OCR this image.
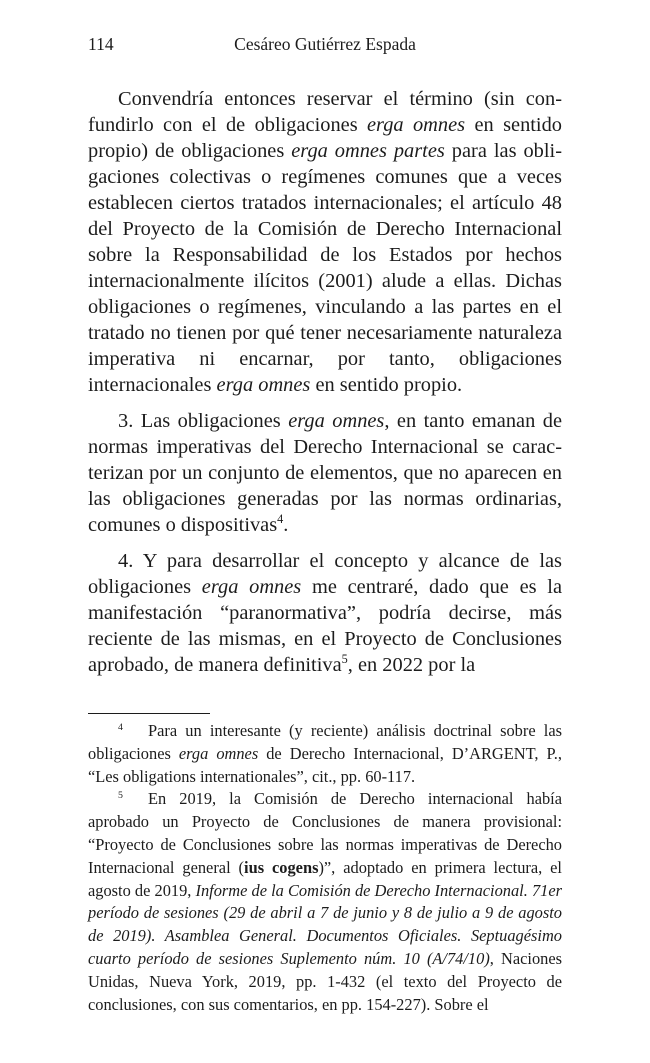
114	Cesáreo Gutiérrez Espada

Convendría entonces reservar el término (sin confundirlo con el de obligaciones erga omnes en sentido propio) de obligaciones erga omnes partes para las obligaciones colectivas o regímenes comunes que a veces establecen ciertos tratados internacionales; el artículo 48 del Proyecto de la Comisión de Derecho Internacional sobre la Responsabilidad de los Estados por hechos internacionalmente ilícitos (2001) alude a ellas. Dichas obligaciones o regímenes, vinculando a las partes en el tratado no tienen por qué tener necesariamente naturaleza imperativa ni encarnar, por tanto, obligaciones internacionales erga omnes en sentido propio.

3. Las obligaciones erga omnes, en tanto emanan de normas imperativas del Derecho Internacional se caracterizan por un conjunto de elementos, que no aparecen en las obligaciones generadas por las normas ordinarias, comunes o dispositivas$^4$.

4. Y para desarrollar el concepto y alcance de las obligaciones erga omnes me centraré, dado que es la manifestación “paranormativa”, podría decirse, más reciente de las mismas, en el Proyecto de Conclusiones aprobado, de manera definitiva$^5$, en 2022 por la

4 Para un interesante (y reciente) análisis doctrinal sobre las obligaciones erga omnes de Derecho Internacional, D’ARGENT, P., “Les obligations internationales”, cit., pp. 60-117.

5 En 2019, la Comisión de Derecho internacional había aprobado un Proyecto de Conclusiones de manera provisional: “Proyecto de Conclusiones sobre las normas imperativas de Derecho Internacional general (ius cogens)”, adoptado en primera lectura, el agosto de 2019, Informe de la Comisión de Derecho Internacional. 71er período de sesiones (29 de abril a 7 de junio y 8 de julio a 9 de agosto de 2019). Asamblea General. Documentos Oficiales. Septuagésimo cuarto período de sesiones Suplemento núm. 10 (A/74/10), Naciones Unidas, Nueva York, 2019, pp. 1-432 (el texto del Proyecto de conclusiones, con sus comentarios, en pp. 154-227). Sobre el
